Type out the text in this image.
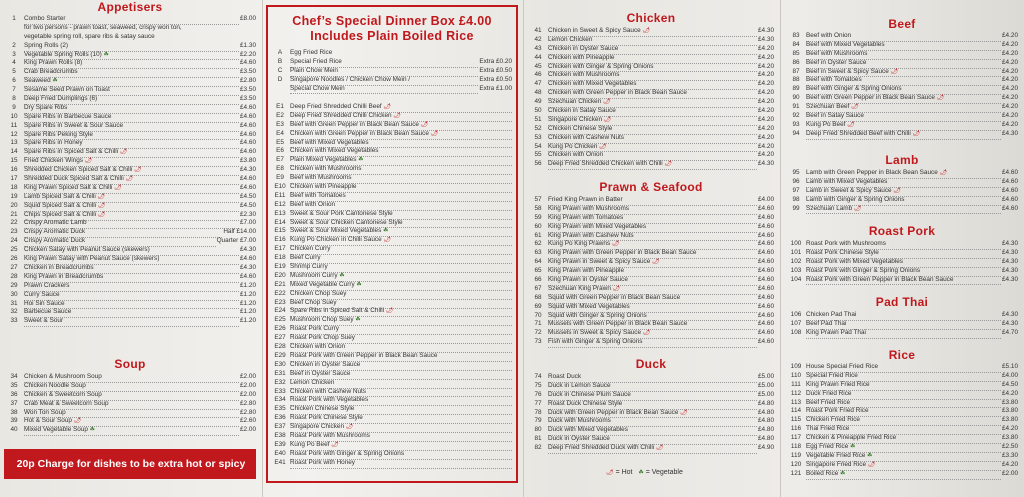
Appetisers
1	Combo Starter	£8.00
for two persons - prawn toast, seaweed, crispy won ton,
vegetable spring roll, spare ribs & satay sauce
2	Spring Rolls (2)	£1.30
3	Vegetable Spring Rolls (10) ☘	£2.20
4	King Prawn Rolls (8)	£4.60
5	Crab Breadcrumbs	£3.50
6	Seaweed ☘	£2.80
7	Sesame Seed Prawn on Toast	£3.50
8	Deep Fried Dumplings (6)	£3.50
9	Dry Spare Ribs	£4.60
10	Spare Ribs in Barbecue Sauce	£4.60
11	Spare Ribs in Sweet & Sour Sauce	£4.60
12	Spare Ribs Peking Style	£4.60
13	Spare Ribs in Honey	£4.60
14	Spare Ribs in Spiced Salt & Chilli 🌶︎	£4.60
15	Fried Chicken Wings 🌶︎	£3.80
16	Shredded Chicken Spiced Salt & Chilli 🌶︎	£4.30
17	Shredded Duck Spiced Salt & Chilli 🌶︎	£4.60
18	King Prawn Spiced Salt & Chilli 🌶︎	£4.60
19	Lamb Spiced Salt & Chilli 🌶︎	£4.50
20	Squid Spiced Salt & Chilli 🌶︎	£4.50
21	Chips Spiced Salt & Chilli 🌶︎	£2.30
22	Crispy Aromatic Lamb	£7.00
23	Crispy Aromatic Duck	Half £14.00
24	Crispy Aromatic Duck	Quarter £7.00
25	Chicken Satay with Peanut Sauce (skewers)	£4.30
26	King Prawn Satay with Peanut Sauce (skewers)	£4.60
27	Chicken in Breadcrumbs	£4.30
28	King Prawn in Breadcrumbs	£4.60
29	Prawn Crackers	£1.20
30	Curry Sauce	£1.20
31	Hoi Sin Sauce	£1.20
32	Barbecue Sauce	£1.20
33	Sweet & Sour	£1.20
Soup
34	Chicken & Mushroom Soup	£2.00
35	Chicken Noodle Soup	£2.00
36	Chicken & Sweetcorn Soup	£2.00
37	Crab Meat & Sweetcorn Soup	£2.80
38	Won Ton Soup	£2.80
39	Hot & Sour Soup 🌶︎	£2.60
40	Mixed Vegetable Soup ☘	£2.00
20p Charge for dishes to be extra hot or spicy
Chef’s Special Dinner Box £4.00
Includes Plain Boiled Rice
A	Egg Fried Rice
B	Special Fried Rice	Extra £0.20
C	Plain Chow Mein	Extra £0.50
D	Singapore Noodles / Chicken Chow Mein /	Extra £0.50
Special Chow Mein	Extra £1.00
E1 Deep Fried Shredded Chilli Beef 🌶︎
E2 Deep Fried Shredded Chilli Chicken 🌶︎
E3 Beef with Green Pepper in Black Bean Sauce 🌶︎
E4 Chicken with Green Pepper in Black Bean Sauce 🌶︎
E5 Beef with Mixed Vegetables
E6 Chicken with Mixed Vegetables
E7 Plain Mixed Vegetables ☘
E8 Chicken with Mushrooms
E9 Beef with Mushrooms
E10 Chicken with Pineapple
E11 Beef with Tomatoes
E12 Beef with Onion
E13 Sweet & Sour Pork Cantonese Style
E14 Sweet & Sour Chicken Cantonese Style
E15 Sweet & Sour Mixed Vegetables ☘
E16 Kung Po Chicken in Chilli Sauce 🌶︎
E17 Chicken Curry
E18 Beef Curry
E19 Shrimp Curry
E20 Mushroom Curry ☘
E21 Mixed Vegetable Curry ☘
E22 Chicken Chop Suey
E23 Beef Chop Suey
E24 Spare Ribs in Spiced Salt & Chilli 🌶︎
E25 Mushroom Chop Suey ☘
E26 Roast Pork Curry
E27 Roast Pork Chop Suey
E28 Chicken with Onion
E29 Roast Pork with Green Pepper in Black Bean Sauce
E30 Chicken in Oyster Sauce
E31 Beef in Oyster Sauce
E32 Lemon Chicken
E33 Chicken with Cashew Nuts
E34 Roast Pork with Vegetables
E35 Chicken Chinese Style
E36 Roast Pork Chinese Style
E37 Singapore Chicken 🌶︎
E38 Roast Pork with Mushrooms
E39 Kung Po Beef 🌶︎
E40 Roast Pork with Ginger & Spring Onions
E41 Roast Pork with Honey
Chicken
41	Chicken in Sweet & Spicy Sauce 🌶︎	£4.30
42	Lemon Chicken	£4.30
43	Chicken in Oyster Sauce	£4.20
44	Chicken with Pineapple	£4.20
45	Chicken with Ginger & Spring Onions	£4.20
46	Chicken with Mushrooms	£4.20
47	Chicken with Mixed Vegetables	£4.20
48	Chicken with Green Pepper in Black Bean Sauce	£4.20
49	Szechuan Chicken 🌶︎	£4.20
50	Chicken in Satay Sauce	£4.20
51	Singapore Chicken 🌶︎	£4.20
52	Chicken Chinese Style	£4.20
53	Chicken with Cashew Nuts	£4.20
54	Kung Po Chicken 🌶︎	£4.20
55	Chicken with Onion	£4.20
56	Deep Fried Shredded Chicken with Chilli 🌶︎	£4.30
Prawn & Seafood
57	Fried King Prawn in Batter	£4.00
58	King Prawn with Mushrooms	£4.60
59	King Prawn with Tomatoes	£4.60
60	King Prawn with Mixed Vegetables	£4.60
61	King Prawn with Cashew Nuts	£4.60
62	Kung Po King Prawns 🌶︎	£4.60
63	King Prawn with Green Pepper in Black Bean Sauce	£4.60
64	King Prawn in Sweet & Spicy Sauce 🌶︎	£4.60
65	King Prawn with Pineapple	£4.60
66	King Prawn in Oyster Sauce	£4.60
67	Szechuan King Prawn 🌶︎	£4.60
68	Squid with Green Pepper in Black Bean Sauce	£4.60
69	Squid with Mixed Vegetables	£4.60
70	Squid with Ginger & Spring Onions	£4.60
71	Mussels with Green Pepper in Black Bean Sauce	£4.60
72	Mussels in Sweet & Spicy Sauce 🌶︎	£4.60
73	Fish with Ginger & Spring Onions	£4.60
Duck
74	Roast Duck	£5.00
75	Duck in Lemon Sauce	£5.00
76	Duck in Chinese Plum Sauce	£5.00
77	Roast Duck Chinese Style	£4.80
78	Duck with Green Pepper in Black Bean Sauce 🌶︎	£4.80
79	Duck with Mushrooms	£4.80
80	Duck with Mixed Vegetables	£4.80
81	Duck in Oyster Sauce	£4.80
82	Deep Fried Shredded Duck with Chilli 🌶︎	£4.90
🌶︎ = Hot ☘ = Vegetable
Beef
83	Beef with Onion	£4.20
84	Beef with Mixed Vegetables	£4.20
85	Beef with Mushrooms	£4.20
86	Beef in Oyster Sauce	£4.20
87	Beef in Sweet & Spicy Sauce 🌶︎	£4.20
88	Beef with Tomatoes	£4.20
89	Beef with Ginger & Spring Onions	£4.20
90	Beef with Green Pepper in Black Bean Sauce 🌶︎	£4.20
91	Szechuan Beef 🌶︎	£4.20
92	Beef in Satay Sauce	£4.20
93	Kung Po Beef 🌶︎	£4.20
94	Deep Fried Shredded Beef with Chilli 🌶︎	£4.30
Lamb
95	Lamb with Green Pepper in Black Bean Sauce 🌶︎	£4.60
96	Lamb with Mixed Vegetables	£4.60
97	Lamb in Sweet & Spicy Sauce 🌶︎	£4.60
98	Lamb with Ginger & Spring Onions	£4.60
99	Szechuan Lamb 🌶︎	£4.60
Roast Pork
100 Roast Pork with Mushrooms	£4.30
101 Roast Pork Chinese Style	£4.30
102 Roast Pork with Mixed Vegetables	£4.30
103 Roast Pork with Ginger & Spring Onions	£4.30
104 Roast Pork with Green Pepper in Black Bean Sauce	£4.30
Pad Thai
106 Chicken Pad Thai	£4.30
107 Beef Pad Thai	£4.30
108 King Prawn Pad Thai	£4.70
Rice
109 House Special Fried Rice	£5.10
110 Special Fried Rice	£4.00
111 King Prawn Fried Rice	£4.50
112 Duck Fried Rice	£4.20
113 Beef Fried Rice	£3.80
114 Roast Pork Fried Rice	£3.80
115 Chicken Fried Rice	£3.80
116 Thai Fried Rice	£4.20
117 Chicken & Pineapple Fried Rice	£3.80
118 Egg Fried Rice ☘	£2.50
119 Vegetable Fried Rice ☘	£3.30
120 Singapore Fried Rice 🌶︎	£4.20
121 Boiled Rice ☘	£2.00
